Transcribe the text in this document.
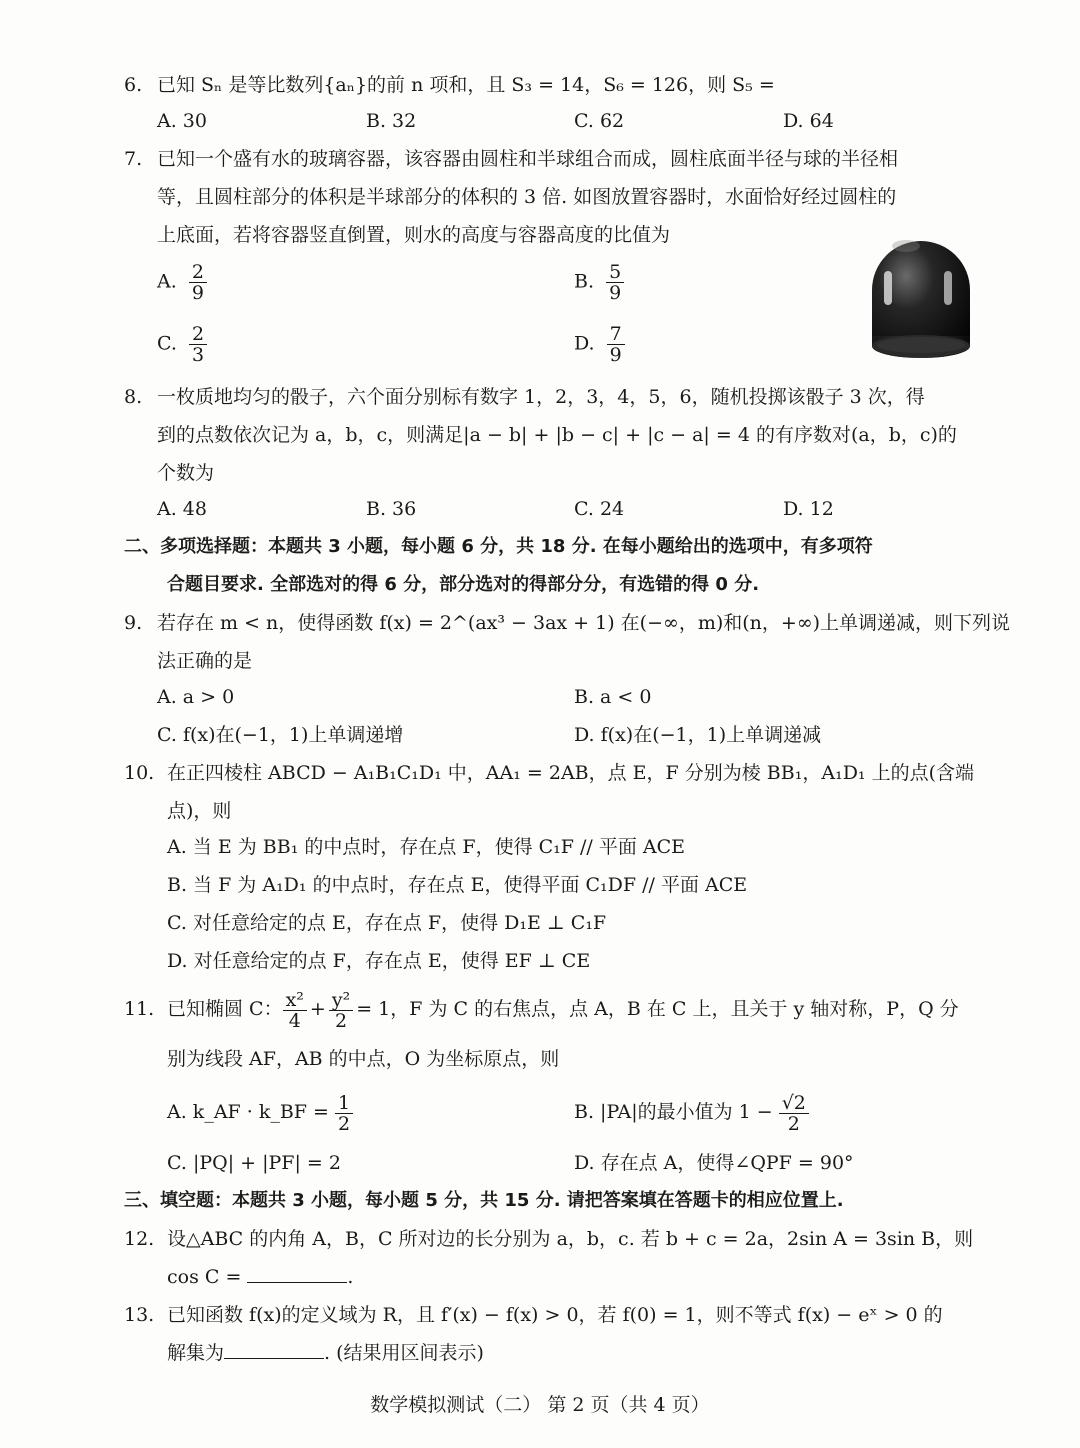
6. 已知 Sₙ 是等比数列{aₙ}的前 n 项和，且 S₃ = 14，S₆ = 126，则 S₅ =
A. 30	B. 32	C. 62	D. 64
7. 已知一个盛有水的玻璃容器，该容器由圆柱和半球组合而成，圆柱底面半径与球的半径相
等，且圆柱部分的体积是半球部分的体积的 3 倍. 如图放置容器时，水面恰好经过圆柱的
上底面，若将容器竖直倒置，则水的高度与容器高度的比值为
A. $\frac{2}{9}$	B. $\frac{5}{9}$
C. $\frac{2}{3}$	D. $\frac{7}{9}$
8. 一枚质地均匀的骰子，六个面分别标有数字 1，2，3，4，5，6，随机投掷该骰子 3 次，得
到的点数依次记为 a，b，c，则满足|a − b| + |b − c| + |c − a| = 4 的有序数对(a，b，c)的
个数为
A. 48	B. 36	C. 24	D. 12
二、多项选择题：本题共 3 小题，每小题 6 分，共 18 分. 在每小题给出的选项中，有多项符
合题目要求. 全部选对的得 6 分，部分选对的得部分分，有选错的得 0 分.
9. 若存在 m < n，使得函数 f(x) = 2^(ax³ − 3ax + 1) 在(−∞，m)和(n，+∞)上单调递减，则下列说
法正确的是
A. a > 0	B. a < 0
C. f(x)在(−1，1)上单调递增	D. f(x)在(−1，1)上单调递减
10. 在正四棱柱 ABCD − A₁B₁C₁D₁ 中，AA₁ = 2AB，点 E，F 分别为棱 BB₁，A₁D₁ 上的点(含端
点)，则
A. 当 E 为 BB₁ 的中点时，存在点 F，使得 C₁F // 平面 ACE
B. 当 F 为 A₁D₁ 的中点时，存在点 E，使得平面 C₁DF // 平面 ACE
C. 对任意给定的点 E，存在点 F，使得 D₁E ⊥ C₁F
D. 对任意给定的点 F，存在点 E，使得 EF ⊥ CE
11. 已知椭圆 C： $\frac{\text{x²}}{4} + \frac{\text{y²}}{2} = 1$，F 为 C 的右焦点，点 A，B 在 C 上，且关于 y 轴对称，P，Q 分
别为线段 AF，AB 的中点，O 为坐标原点，则
A. k_AF · k_BF = $\frac{1}{2}$	B. |PA|的最小值为 $1 - \frac{√2}{2}$
C. |PQ| + |PF| = 2	D. 存在点 A，使得∠QPF = 90°
三、填空题：本题共 3 小题，每小题 5 分，共 15 分. 请把答案填在答题卡的相应位置上.
12. 设△ABC 的内角 A，B，C 所对边的长分别为 a，b，c. 若 b + c = 2a，2sin A = 3sin B，则
cos C =	.
13. 已知函数 f(x)的定义域为 R，且 f′(x) − f(x) > 0，若 f(0) = 1，则不等式 f(x) − eˣ > 0 的
解集为	. (结果用区间表示)
数学模拟测试（二） 第 2 页（共 4 页）
